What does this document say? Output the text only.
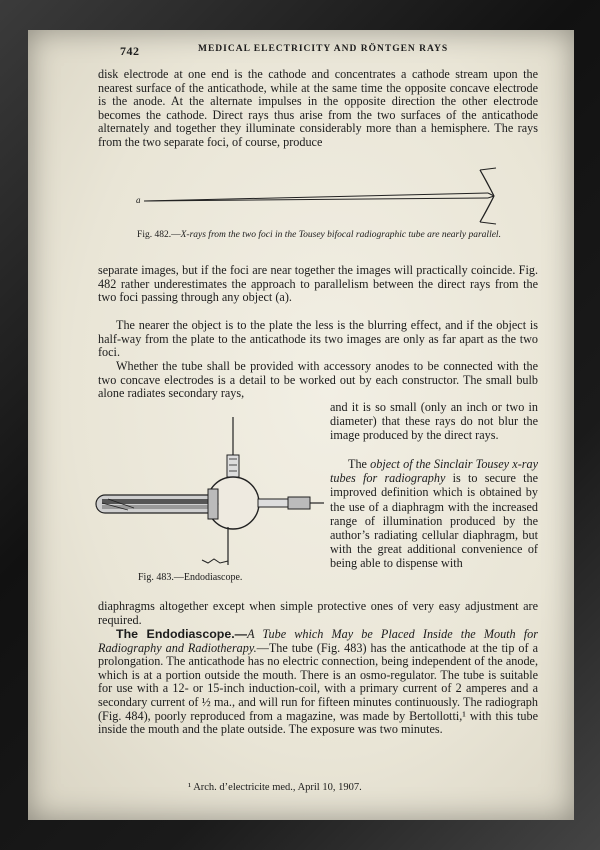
742	MEDICAL ELECTRICITY AND RÖNTGEN RAYS

disk electrode at one end is the cathode and concentrates a cathode stream upon the nearest surface of the anticathode, while at the same time the opposite concave electrode is the anode. At the alternate impulses in the opposite direction the other electrode becomes the cathode. Direct rays thus arise from the two surfaces of the anticathode alternately and together they illuminate considerably more than a hemisphere. The rays from the two separate foci, of course, produce

a

Fig. 482.—X-rays from the two foci in the Tousey bifocal radiographic tube are nearly parallel.

separate images, but if the foci are near together the images will practically coincide. Fig. 482 rather underestimates the approach to parallelism between the direct rays from the two foci passing through any object (a).

The nearer the object is to the plate the less is the blurring effect, and if the object is half-way from the plate to the anticathode its two images are only as far apart as the two foci.

Whether the tube shall be provided with accessory anodes to be connected with the two concave electrodes is a detail to be worked out by each constructor. The small bulb alone radiates secondary rays,

Fig. 483.—Endodiascope.

and it is so small (only an inch or two in diameter) that these rays do not blur the image produced by the direct rays.

The object of the Sinclair Tousey x-ray tubes for radiography is to secure the improved definition which is obtained by the use of a diaphragm with the increased range of illumination produced by the author’s radiating cellular diaphragm, but with the great additional convenience of being able to dispense with

diaphragms altogether except when simple protective ones of very easy adjustment are required.

The Endodiascope.—A Tube which May be Placed Inside the Mouth for Radiography and Radiotherapy.—The tube (Fig. 483) has the anticathode at the tip of a prolongation. The anticathode has no electric connection, being independent of the anode, which is at a portion outside the mouth. There is an osmo-regulator. The tube is suitable for use with a 12- or 15-inch induction-coil, with a primary current of 2 amperes and a secondary current of ½ ma., and will run for fifteen minutes continuously. The radiograph (Fig. 484), poorly reproduced from a magazine, was made by Bertollotti,¹ with this tube inside the mouth and the plate outside. The exposure was two minutes.

¹ Arch. d’electricite med., April 10, 1907.
